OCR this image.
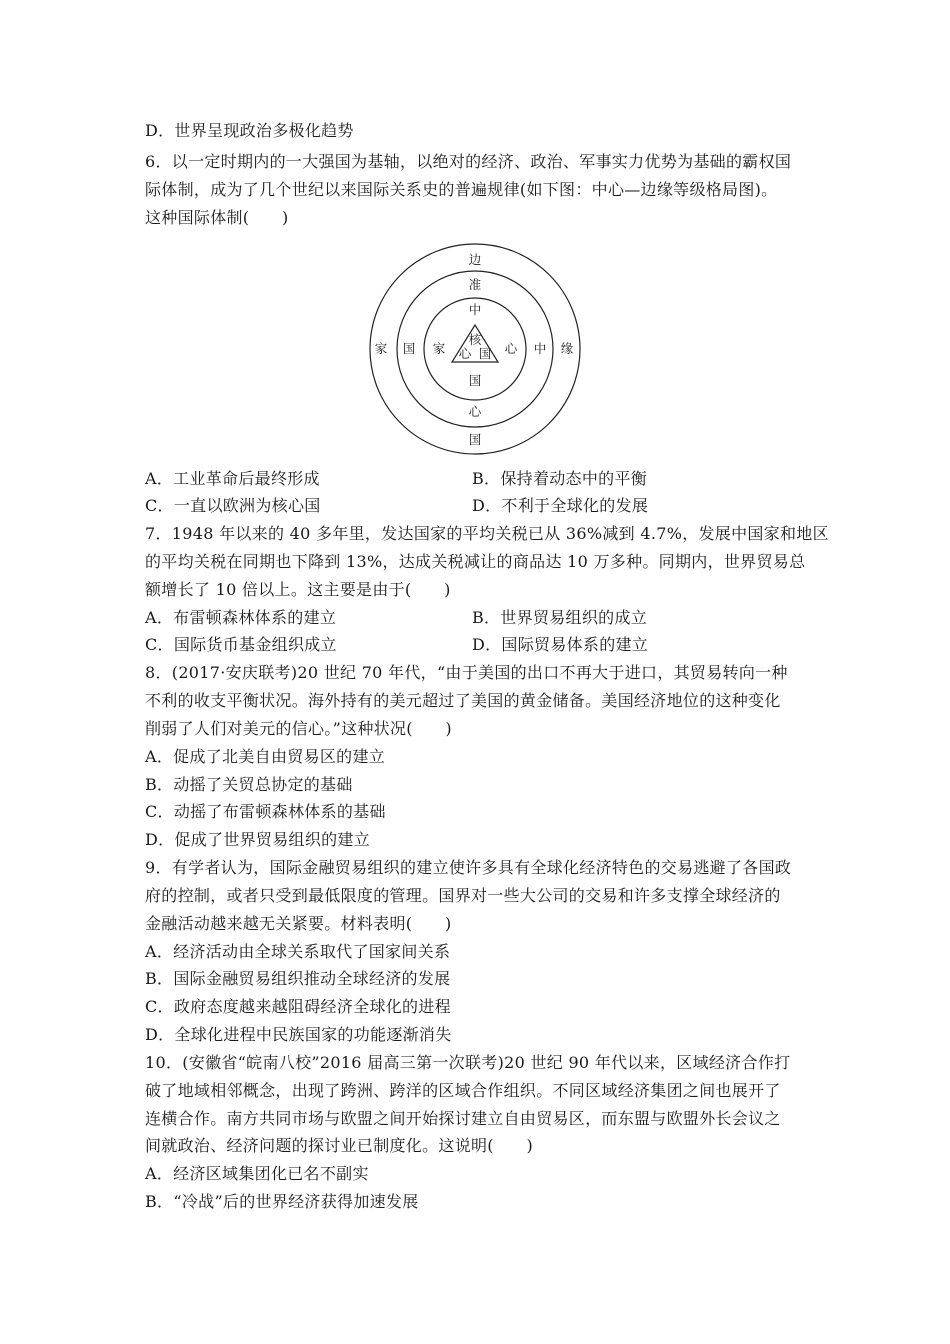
D．世界呈现政治多极化趋势
6．以一定时期内的一大强国为基轴，以绝对的经济、政治、军事实力优势为基础的霸权国
际体制，成为了几个世纪以来国际关系史的普遍规律(如下图：中心—边缘等级格局图)。
这种国际体制(　　)
边
国
家	缘
准
心
国	中
中
国
家	心
核
心 国
A．工业革命后最终形成	B．保持着动态中的平衡
C．一直以欧洲为核心国	D．不利于全球化的发展
7．1948 年以来的 40 多年里，发达国家的平均关税已从 36%减到 4.7%，发展中国家和地区
的平均关税在同期也下降到 13%，达成关税减让的商品达 10 万多种。同期内，世界贸易总
额增长了 10 倍以上。这主要是由于(　　)
A．布雷顿森林体系的建立	B．世界贸易组织的成立
C．国际货币基金组织成立	D．国际贸易体系的建立
8．(2017·安庆联考)20 世纪 70 年代，“由于美国的出口不再大于进口，其贸易转向一种
不利的收支平衡状况。海外持有的美元超过了美国的黄金储备。美国经济地位的这种变化
削弱了人们对美元的信心。”这种状况(　　)
A．促成了北美自由贸易区的建立
B．动摇了关贸总协定的基础
C．动摇了布雷顿森林体系的基础
D．促成了世界贸易组织的建立
9．有学者认为，国际金融贸易组织的建立使许多具有全球化经济特色的交易逃避了各国政
府的控制，或者只受到最低限度的管理。国界对一些大公司的交易和许多支撑全球经济的
金融活动越来越无关紧要。材料表明(　　)
A．经济活动由全球关系取代了国家间关系
B．国际金融贸易组织推动全球经济的发展
C．政府态度越来越阻碍经济全球化的进程
D．全球化进程中民族国家的功能逐渐消失
10．(安徽省“皖南八校”2016 届高三第一次联考)20 世纪 90 年代以来，区域经济合作打
破了地域相邻概念，出现了跨洲、跨洋的区域合作组织。不同区域经济集团之间也展开了
连横合作。南方共同市场与欧盟之间开始探讨建立自由贸易区，而东盟与欧盟外长会议之
间就政治、经济问题的探讨业已制度化。这说明(　　)
A．经济区域集团化已名不副实
B．“冷战”后的世界经济获得加速发展
